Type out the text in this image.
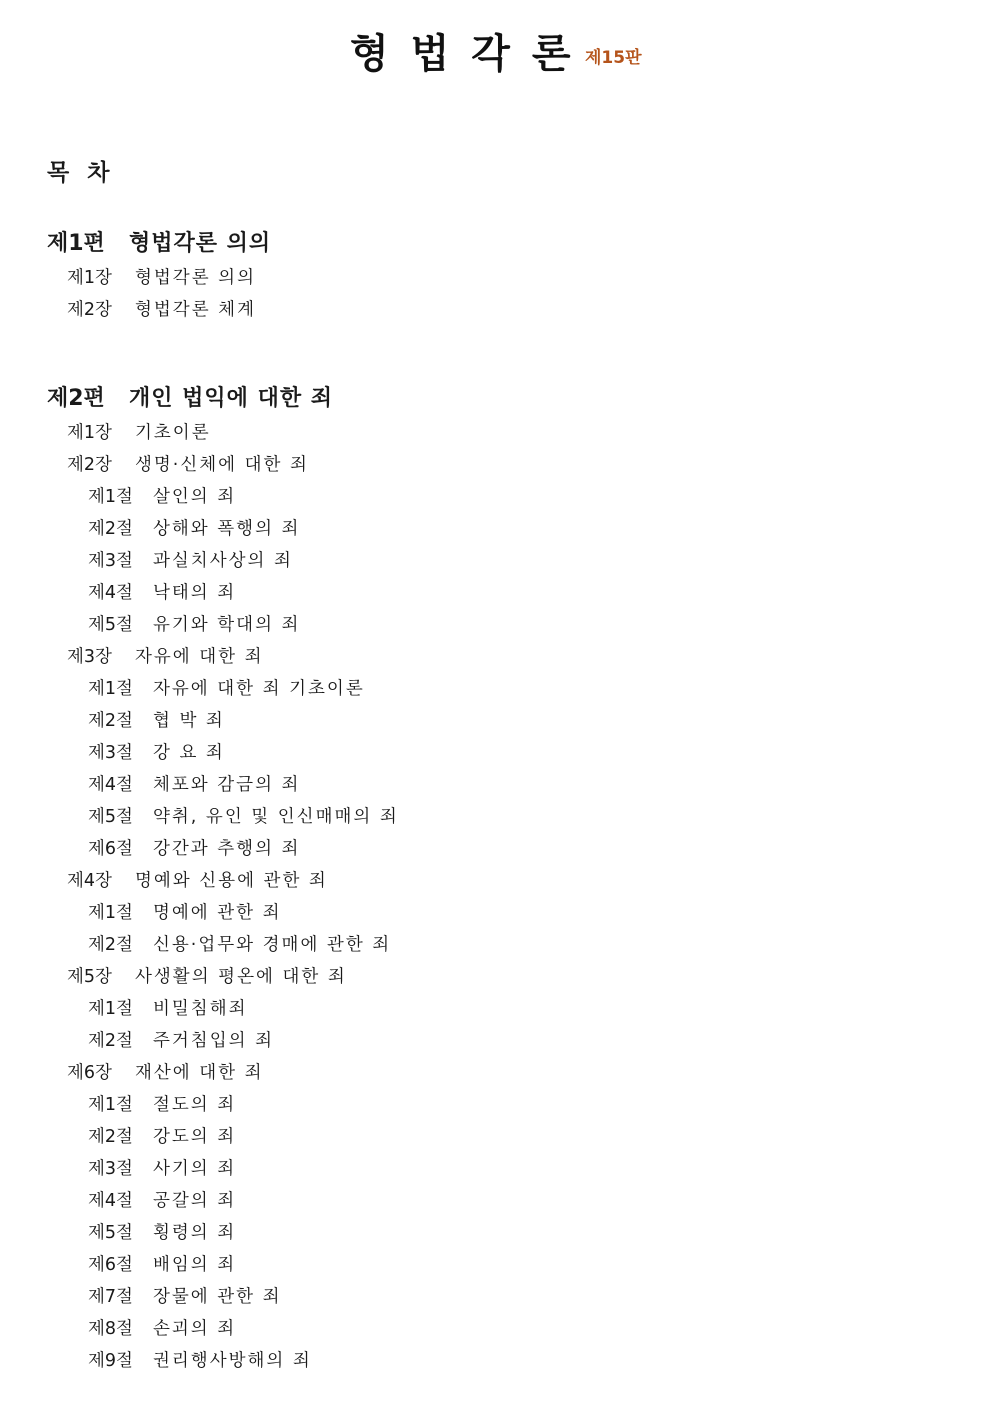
형법각론
제15판
목차
제1편 형법각론 의의
제1장 형법각론 의의
제2장 형법각론 체계
제2편 개인 법익에 대한 죄
제1장 기초이론
제2장 생명·신체에 대한 죄
제1절 살인의 죄
제2절 상해와 폭행의 죄
제3절 과실치사상의 죄
제4절 낙태의 죄
제5절 유기와 학대의 죄
제3장 자유에 대한 죄
제1절 자유에 대한 죄 기초이론
제2절 협 박 죄
제3절 강 요 죄
제4절 체포와 감금의 죄
제5절 약취, 유인 및 인신매매의 죄
제6절 강간과 추행의 죄
제4장 명예와 신용에 관한 죄
제1절 명예에 관한 죄
제2절 신용·업무와 경매에 관한 죄
제5장 사생활의 평온에 대한 죄
제1절 비밀침해죄
제2절 주거침입의 죄
제6장 재산에 대한 죄
제1절 절도의 죄
제2절 강도의 죄
제3절 사기의 죄
제4절 공갈의 죄
제5절 횡령의 죄
제6절 배임의 죄
제7절 장물에 관한 죄
제8절 손괴의 죄
제9절 권리행사방해의 죄
